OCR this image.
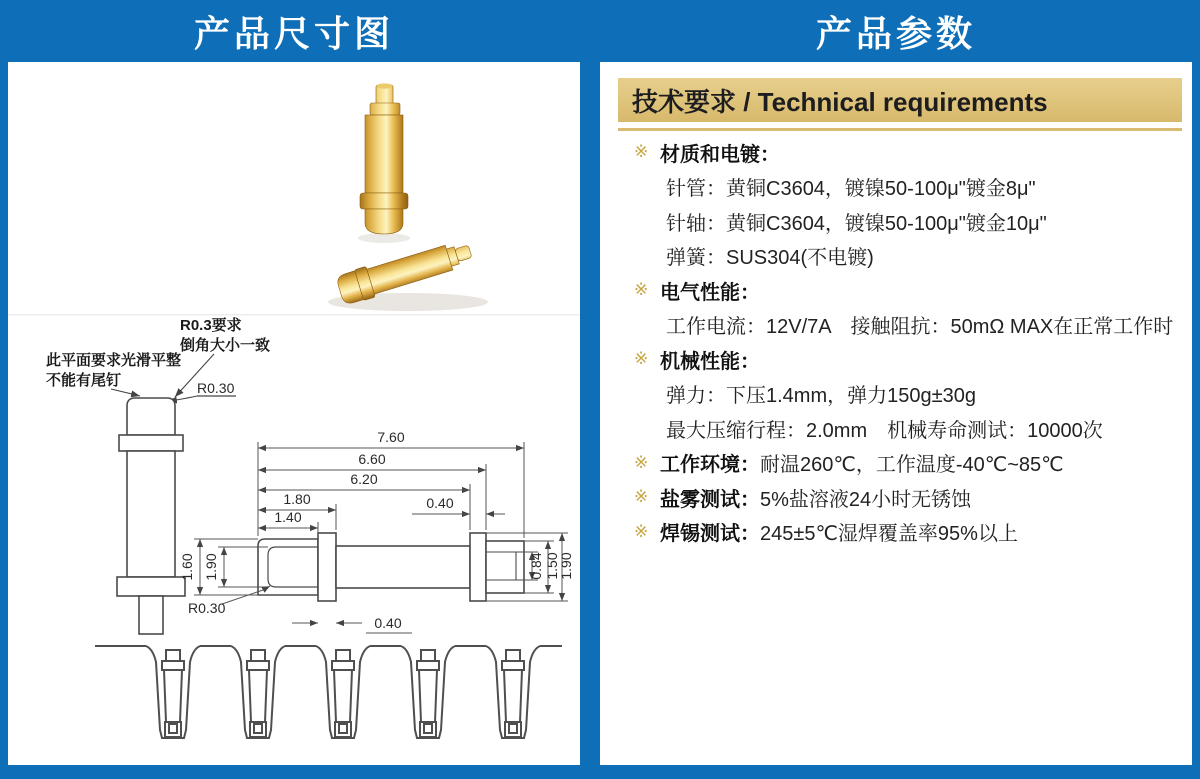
产品尺寸图	产品参数
R0.3要求
倒角大小一致
此平面要求光滑平整
不能有尾钉	R0.30
7.60
6.60
6.20
1.80
1.40
0.40
0.40
R0.30
1.60 1.90	0.84 1.50
1.90
技术要求 / Technical requirements
※ 材质和电镀：
针管：黄铜C3604，镀镍50-100μ"镀金8μ"
针轴：黄铜C3604，镀镍50-100μ"镀金10μ"
弹簧：SUS304(不电镀)
※ 电气性能：
工作电流：12V/7A　接触阻抗：50mΩ MAX在正常工作时
※ 机械性能：
弹力：下压1.4mm，弹力150g±30g
最大压缩行程：2.0mm　机械寿命测试：10000次
※ 工作环境： 耐温260℃，工作温度-40℃~85℃
※ 盐雾测试： 5%盐溶液24小时无锈蚀
※ 焊锡测试： 245±5℃湿焊覆盖率95%以上
